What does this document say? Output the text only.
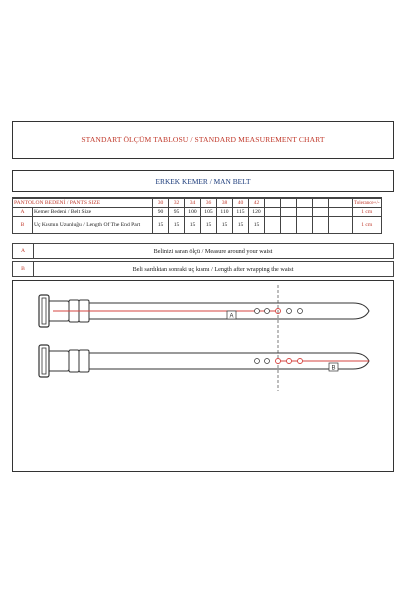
STANDART ÖLÇÜM TABLOSU / STANDARD MEASUREMENT CHART
ERKEK KEMER / MAN BELT
PANTOLON BEDENİ / PANTS SIZE		30	32	34	36	38	40	42						Tolerance+/-
A	Kemer Bedeni / Belt Size	90	95	100	105	110	115	120						1 cm
B	Uç Kısmın Uzunluğu / Length Of The End Part	15	15	15	15	15	15	15						1 cm
A	Belinizi saran ölçü / Measure around your waist
B	Beli sardıktan sonraki uç kısmı / Length after wrapping the waist
A
B
